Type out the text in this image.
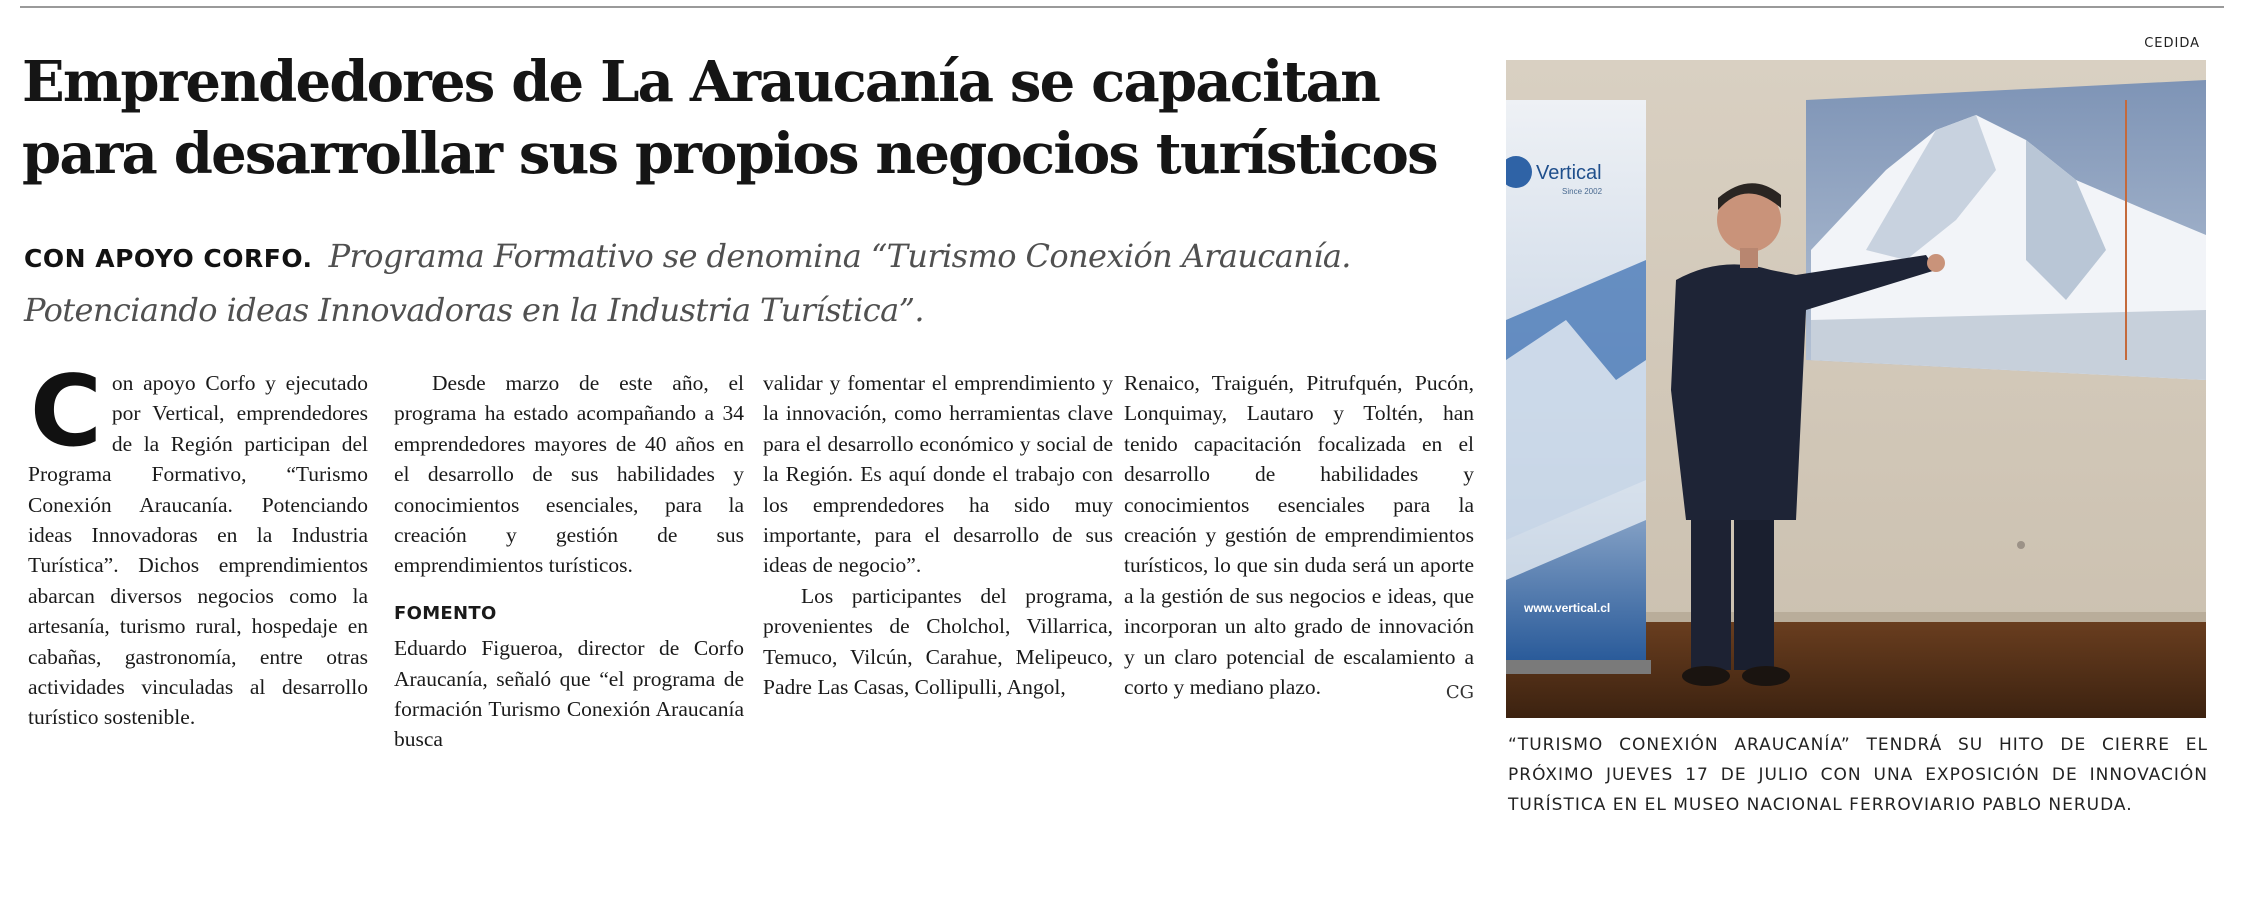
Emprendedores de La Araucanía se capacitan para desarrollar sus propios negocios turísticos
CON APOYO CORFO. Programa Formativo se denomina “Turismo Conexión Araucanía. Potenciando ideas Innovadoras en la Industria Turística”.

Con apoyo Corfo y ejecutado por Vertical, emprendedores de la Región participan del Programa Formativo, “Turismo Conexión Araucanía. Potenciando ideas Innovadoras en la Industria Turística”. Dichos emprendimientos abarcan diversos negocios como la artesanía, turismo rural, hospedaje en cabañas, gastronomía, entre otras actividades vinculadas al desarrollo turístico sostenible.

Desde marzo de este año, el programa ha estado acompañando a 34 emprendedores mayores de 40 años en el desarrollo de sus habilidades y conocimientos esenciales, para la creación y gestión de sus emprendimientos turísticos.

FOMENTO

Eduardo Figueroa, director de Corfo Araucanía, señaló que “el programa de formación Turismo Conexión Araucanía busca

validar y fomentar el emprendimiento y la innovación, como herramientas clave para el desarrollo económico y social de la Región. Es aquí donde el trabajo con los emprendedores ha sido muy importante, para el desarrollo de sus ideas de negocio”.

Los participantes del programa, provenientes de Cholchol, Villarrica, Temuco, Vilcún, Carahue, Melipeuco, Padre Las Casas, Collipulli, Angol,

Renaico, Traiguén, Pitrufquén, Pucón, Lonquimay, Lautaro y Toltén, han tenido capacitación focalizada en el desarrollo de habilidades y conocimientos esenciales para la creación y gestión de emprendimientos turísticos, lo que sin duda será un aporte a la gestión de sus negocios e ideas, que incorporan un alto grado de innovación y un claro potencial de escalamiento a corto y mediano plazo.	CG

CEDIDA
Vertical
Since 2002
www.vertical.cl

“TURISMO CONEXIÓN ARAUCANÍA” TENDRÁ SU HITO DE CIERRE EL PRÓXIMO JUEVES 17 DE JULIO CON UNA EXPOSICIÓN DE INNOVACIÓN TURÍSTICA EN EL MUSEO NACIONAL FERROVIARIO PABLO NERUDA.
